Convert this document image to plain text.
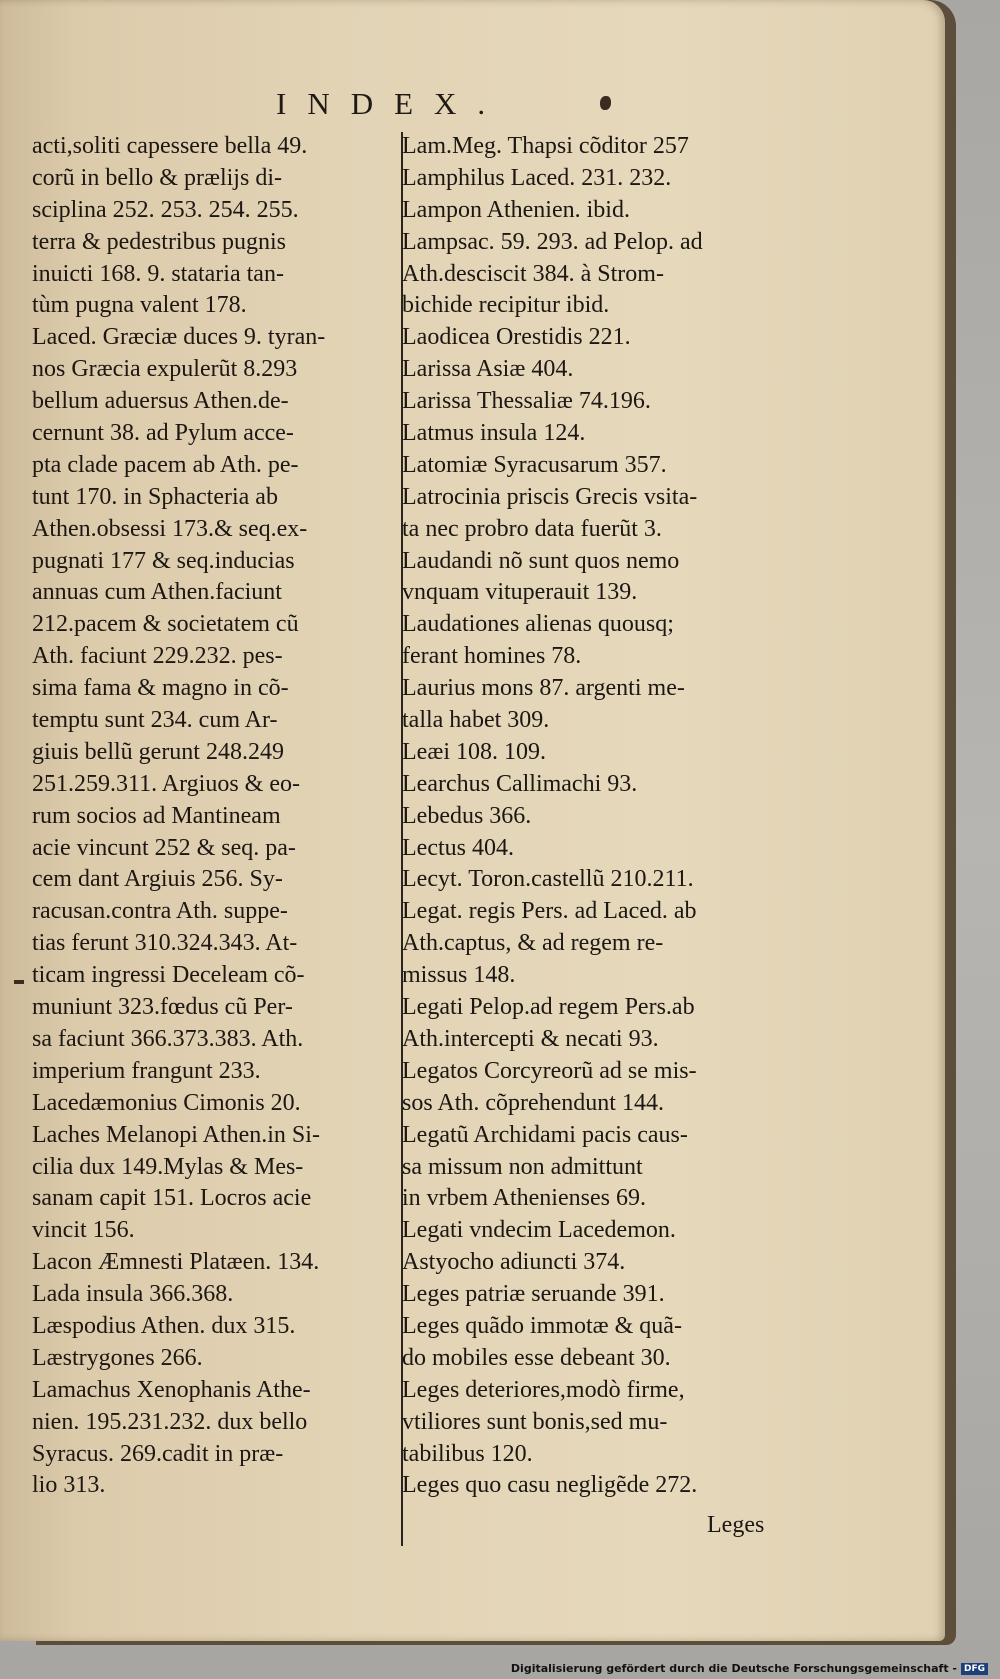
INDEX.
acti,soliti capessere bella 49.
corũ in bello & prælijs di-
sciplina 252. 253. 254. 255.
terra & pedestribus pugnis
inuicti 168. 9. stataria tan-
tùm pugna valent 178.
Laced. Græciæ duces 9. tyran-
nos Græcia expulerũt 8.293
bellum aduersus Athen.de-
cernunt 38. ad Pylum acce-
pta clade pacem ab Ath. pe-
tunt 170. in Sphacteria ab
Athen.obsessi 173.& seq.ex-
pugnati 177 & seq.inducias
annuas cum Athen.faciunt
212.pacem & societatem cũ
Ath. faciunt 229.232. pes-
sima fama & magno in cõ-
temptu sunt 234. cum Ar-
giuis bellũ gerunt 248.249
251.259.311. Argiuos & eo-
rum socios ad Mantineam
acie vincunt 252 & seq. pa-
cem dant Argiuis 256. Sy-
racusan.contra Ath. suppe-
tias ferunt 310.324.343. At-
ticam ingressi Deceleam cõ-
muniunt 323.fœdus cũ Per-
sa faciunt 366.373.383. Ath.
imperium frangunt 233.
Lacedæmonius Cimonis 20.
Laches Melanopi Athen.in Si-
cilia dux 149.Mylas & Mes-
sanam capit 151. Locros acie
vincit 156.
Lacon Æmnesti Platæen. 134.
Lada insula 366.368.
Læspodius Athen. dux 315.
Læstrygones 266.
Lamachus Xenophanis Athe-
nien. 195.231.232. dux bello
Syracus. 269.cadit in præ-
lio 313.
Lam.Meg. Thapsi cõditor 257
Lamphilus Laced. 231. 232.
Lampon Athenien. ibid.
Lampsac. 59. 293. ad Pelop. ad
Ath.desciscit 384. à Strom-
bichide recipitur ibid.
Laodicea Orestidis 221.
Larissa Asiæ 404.
Larissa Thessaliæ 74.196.
Latmus insula 124.
Latomiæ Syracusarum 357.
Latrocinia priscis Grecis vsita-
ta nec probro data fuerũt 3.
Laudandi nõ sunt quos nemo
vnquam vituperauit 139.
Laudationes alienas quousq;
ferant homines 78.
Laurius mons 87. argenti me-
talla habet 309.
Leæi 108. 109.
Learchus Callimachi 93.
Lebedus 366.
Lectus 404.
Lecyt. Toron.castellũ 210.211.
Legat. regis Pers. ad Laced. ab
Ath.captus, & ad regem re-
missus 148.
Legati Pelop.ad regem Pers.ab
Ath.intercepti & necati 93.
Legatos Corcyreorũ ad se mis-
sos Ath. cõprehendunt 144.
Legatũ Archidami pacis caus-
sa missum non admittunt
in vrbem Athenienses 69.
Legati vndecim Lacedemon.
Astyocho adiuncti 374.
Leges patriæ seruande 391.
Leges quãdo immotæ & quã-
do mobiles esse debeant 30.
Leges deteriores,modò firme,
vtiliores sunt bonis,sed mu-
tabilibus 120.
Leges quo casu negligẽde 272.
Leges
Digitalisierung gefördert durch die Deutsche Forschungsgemeinschaft - DFG
